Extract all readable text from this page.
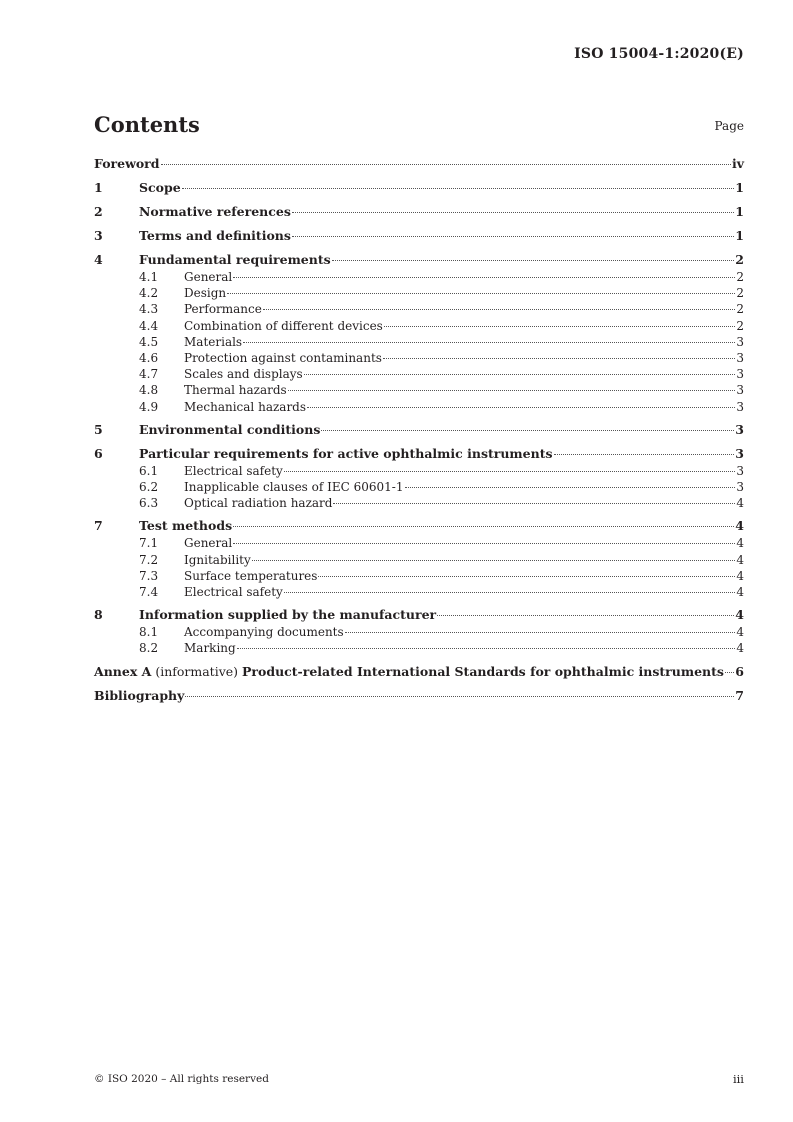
ISO 15004-1:2020(E)
Contents	Page
Foreword	iv
1	Scope	1
2	Normative references	1
3	Terms and definitions	1
4	Fundamental requirements	2
4.1	General	2
4.2	Design	2
4.3	Performance	2
4.4	Combination of different devices	2
4.5	Materials	3
4.6	Protection against contaminants	3
4.7	Scales and displays	3
4.8	Thermal hazards	3
4.9	Mechanical hazards	3
5	Environmental conditions	3
6	Particular requirements for active ophthalmic instruments	3
6.1	Electrical safety	3
6.2	Inapplicable clauses of IEC 60601-1	3
6.3	Optical radiation hazard	4
7	Test methods	4
7.1	General	4
7.2	Ignitability	4
7.3	Surface temperatures	4
7.4	Electrical safety	4
8	Information supplied by the manufacturer	4
8.1	Accompanying documents	4
8.2	Marking	4
Annex A (informative) Product-related International Standards for ophthalmic instruments 6
Bibliography	7
© ISO 2020 – All rights reserved	iii
